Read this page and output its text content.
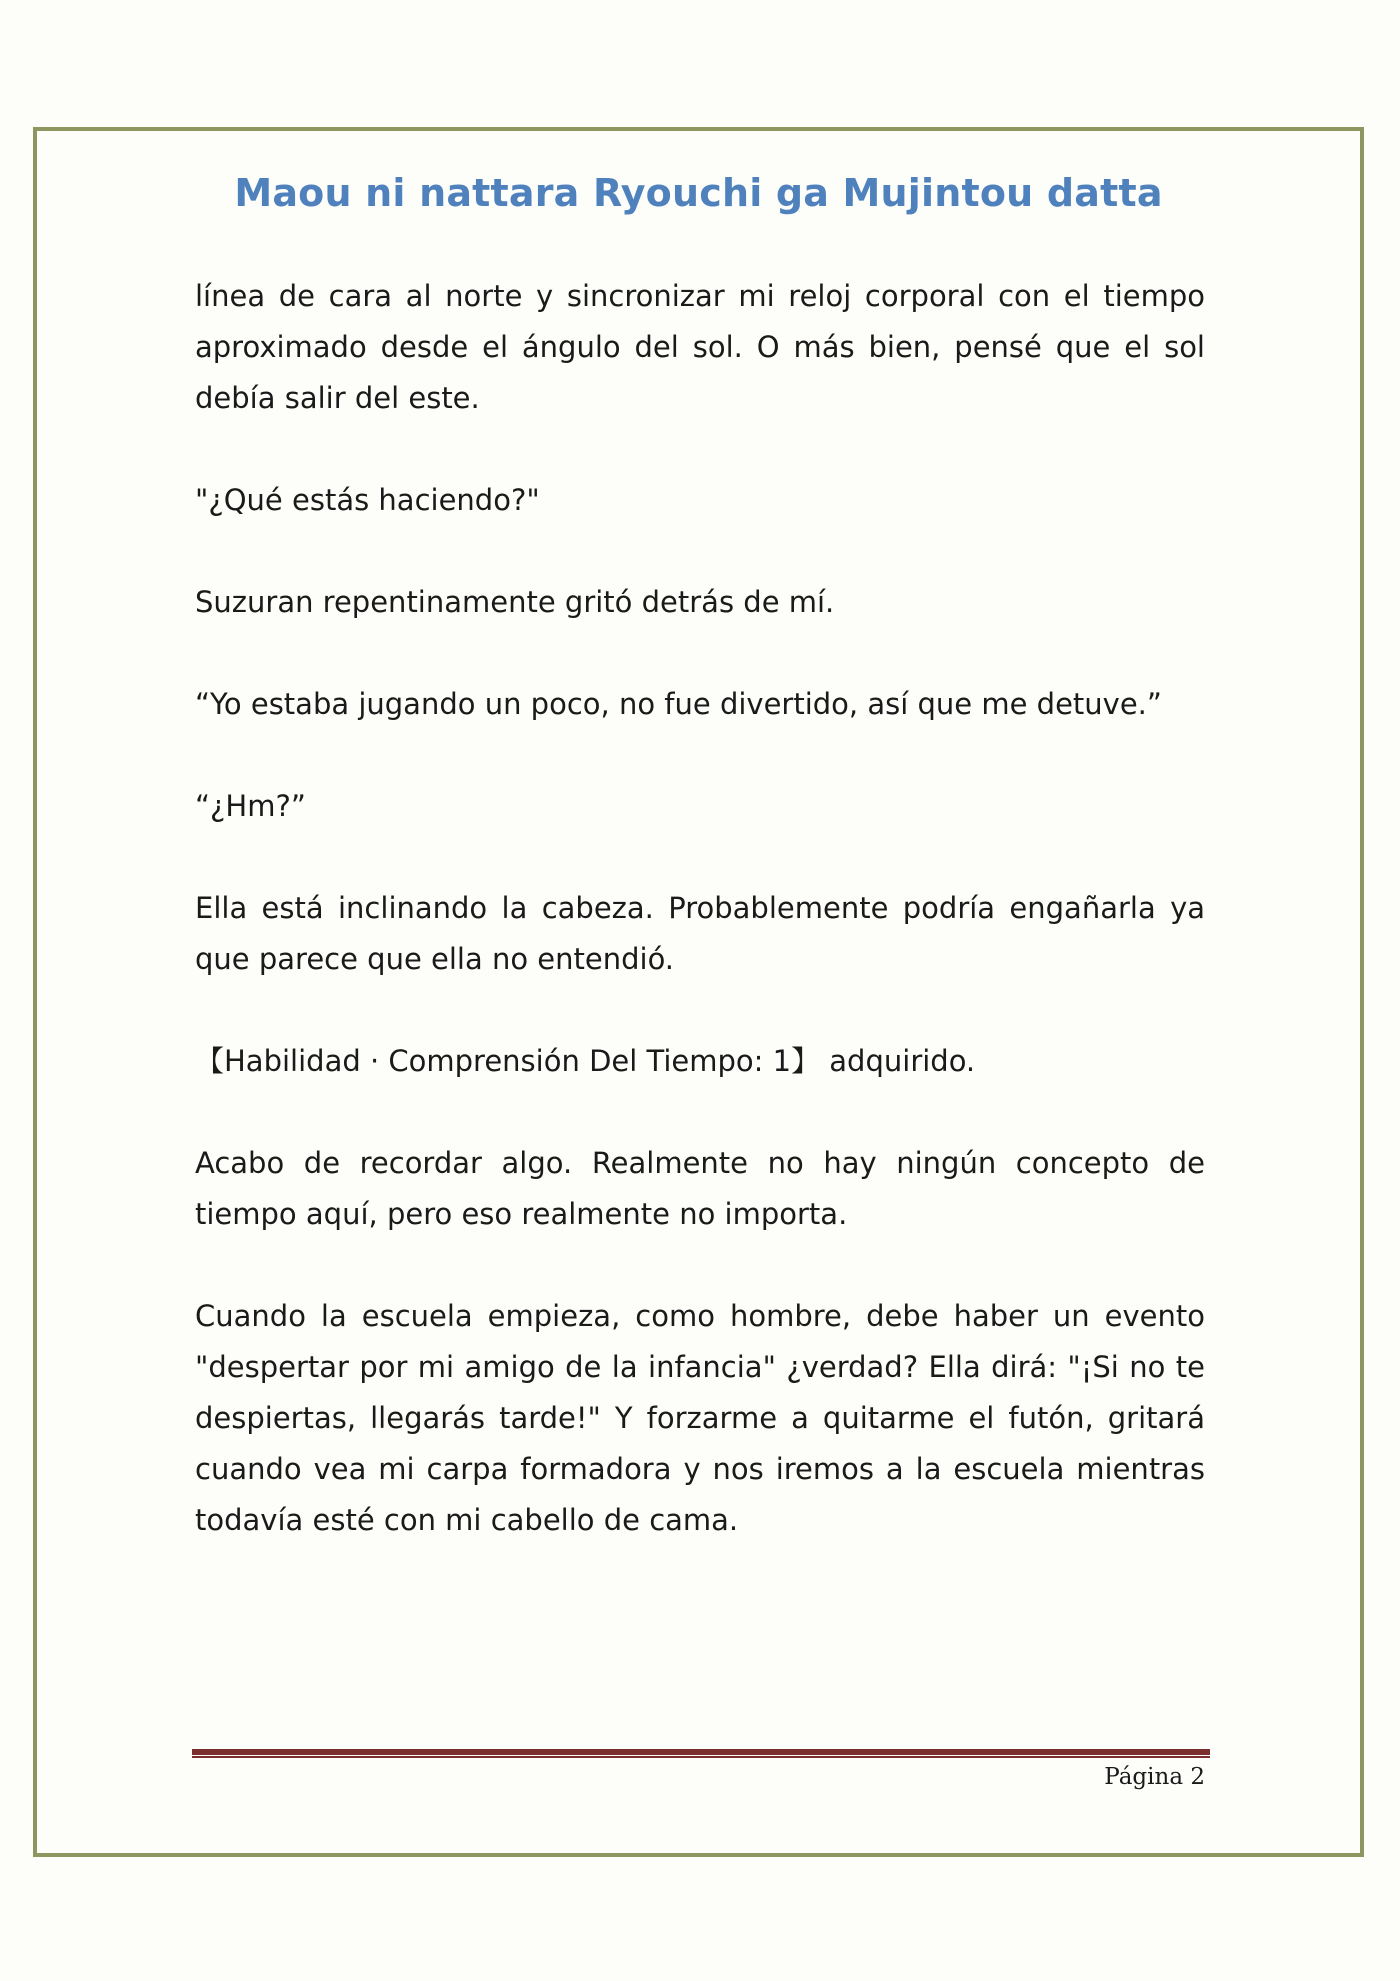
Maou ni nattara Ryouchi ga Mujintou datta

línea de cara al norte y sincronizar mi reloj corporal con el tiempo aproximado desde el ángulo del sol. O más bien, pensé que el sol debía salir del este.

"¿Qué estás haciendo?"

Suzuran repentinamente gritó detrás de mí.

“Yo estaba jugando un poco, no fue divertido, así que me detuve.”

“¿Hm?”

Ella está inclinando la cabeza. Probablemente podría engañarla ya que parece que ella no entendió.

【Habilidad · Comprensión Del Tiempo: 1】 adquirido.

Acabo de recordar algo. Realmente no hay ningún concepto de tiempo aquí, pero eso realmente no importa.

Cuando la escuela empieza, como hombre, debe haber un evento "despertar por mi amigo de la infancia" ¿verdad? Ella dirá: "¡Si no te despiertas, llegarás tarde!" Y forzarme a quitarme el futón, gritará cuando vea mi carpa formadora y nos iremos a la escuela mientras todavía esté con mi cabello de cama.

Página 2
